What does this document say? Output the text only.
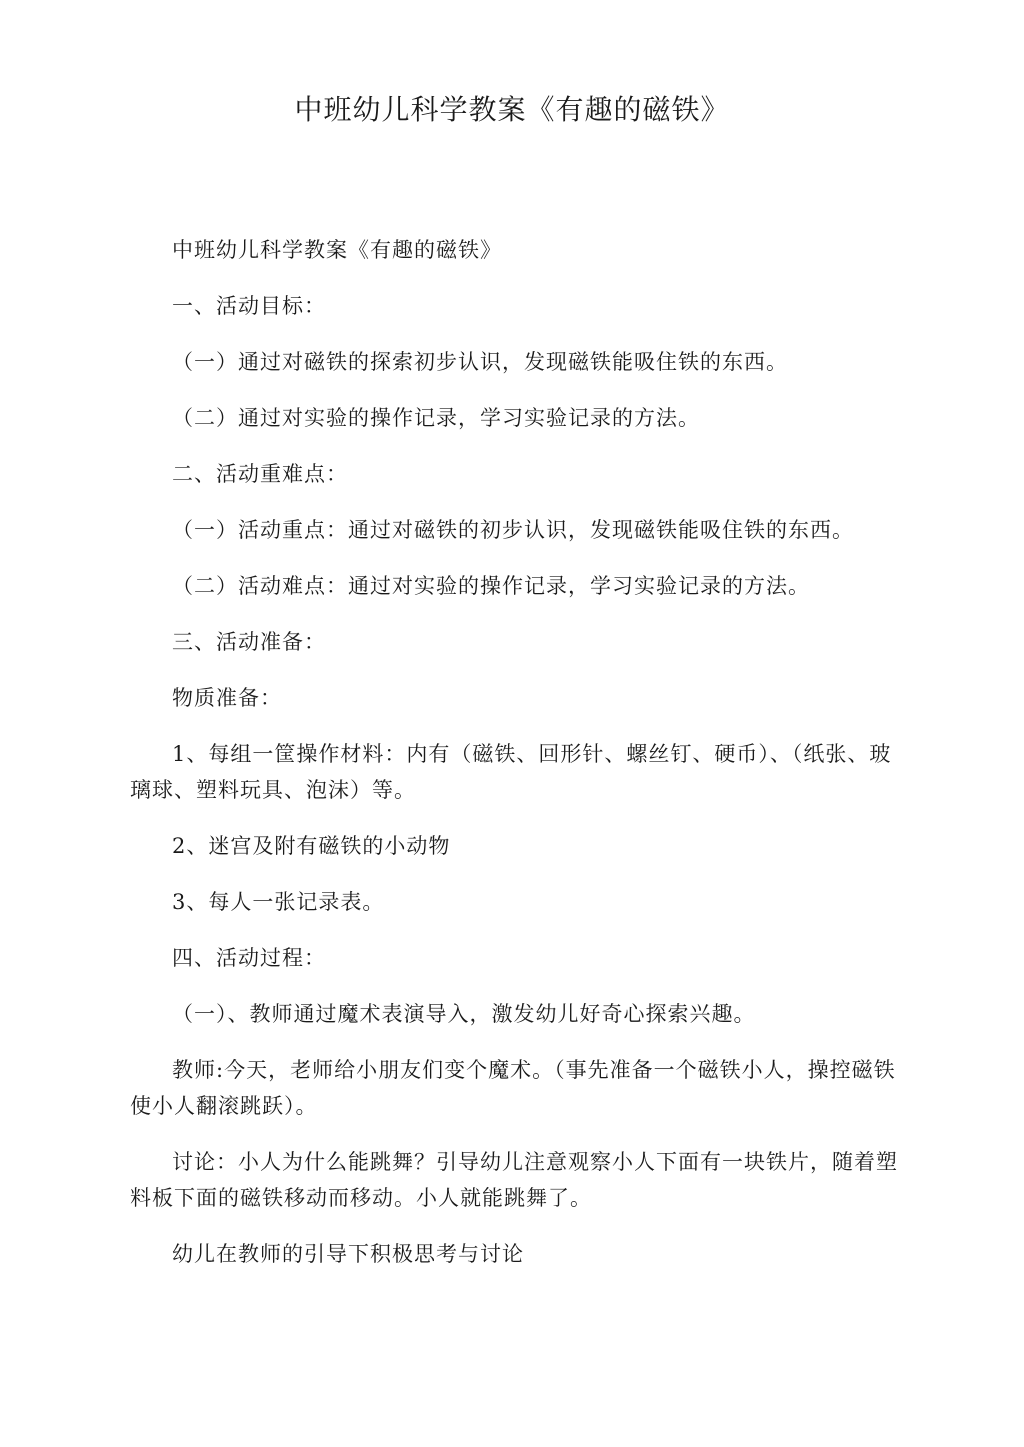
中班幼儿科学教案《有趣的磁铁》

中班幼儿科学教案《有趣的磁铁》

一、活动目标：

（一）通过对磁铁的探索初步认识，发现磁铁能吸住铁的东西。

（二）通过对实验的操作记录，学习实验记录的方法。

二、活动重难点：

（一）活动重点：通过对磁铁的初步认识，发现磁铁能吸住铁的东西。

（二）活动难点：通过对实验的操作记录，学习实验记录的方法。

三、活动准备：

物质准备：

1、每组一筐操作材料：内有（磁铁、回形针、螺丝钉、硬币）、（纸张、玻璃球、塑料玩具、泡沫）等。

2、迷宫及附有磁铁的小动物

3、每人一张记录表。

四、活动过程：

（一）、教师通过魔术表演导入，激发幼儿好奇心探索兴趣。

教师:今天，老师给小朋友们变个魔术。（事先准备一个磁铁小人，操控磁铁使小人翻滚跳跃）。

讨论：小人为什么能跳舞？引导幼儿注意观察小人下面有一块铁片，随着塑料板下面的磁铁移动而移动。小人就能跳舞了。

幼儿在教师的引导下积极思考与讨论
